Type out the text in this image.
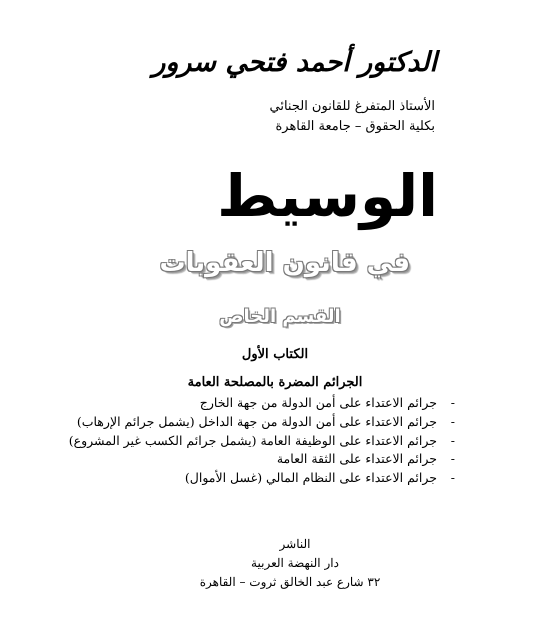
الدكتور أحمد فتحي سرور
الأستاذ المتفرغ للقانون الجنائي
بكلية الحقوق – جامعة القاهرة
الوسيط
في قانون العقوبات
القسم الخاص
الكتاب الأول
الجرائم المضرة بالمصلحة العامة
- جرائم الاعتداء على أمن الدولة من جهة الخارج
- جرائم الاعتداء على أمن الدولة من جهة الداخل (يشمل جرائم الإرهاب)
- جرائم الاعتداء على الوظيفة العامة (يشمل جرائم الكسب غير المشروع)
- جرائم الاعتداء على الثقة العامة
- جرائم الاعتداء على النظام المالي (غسل الأموال)
الناشر
دار النهضة العربية
٣٢ شارع عبد الخالق ثروت – القاهرة
